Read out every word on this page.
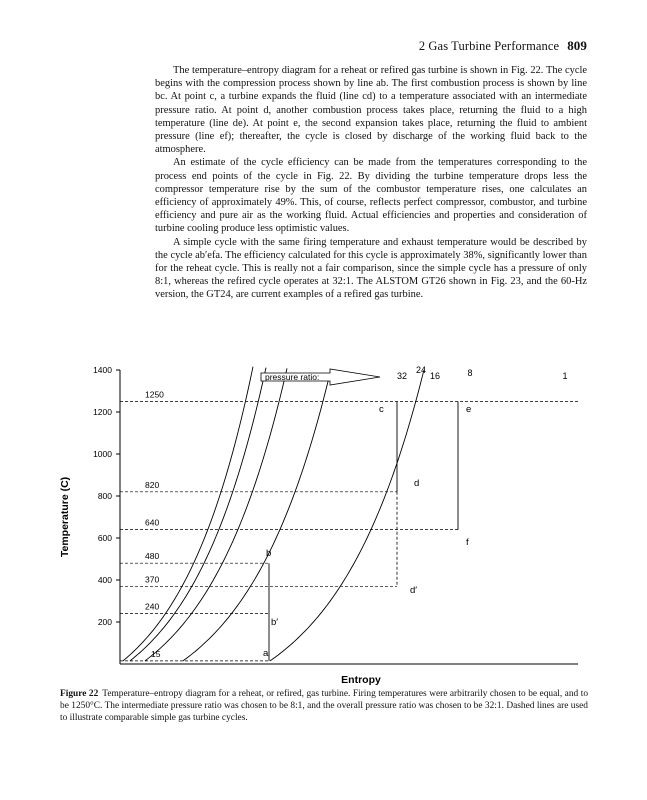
2 Gas Turbine Performance 809

The temperature–entropy diagram for a reheat or refired gas turbine is shown in Fig. 22. The cycle begins with the compression process shown by line ab. The first combustion process is shown by line bc. At point c, a turbine expands the fluid (line cd) to a temperature associated with an intermediate pressure ratio. At point d, another combustion process takes place, returning the fluid to a high temperature (line de). At point e, the second expansion takes place, returning the fluid to ambient pressure (line ef); thereafter, the cycle is closed by discharge of the working fluid back to the atmosphere.

An estimate of the cycle efficiency can be made from the temperatures corresponding to the process end points of the cycle in Fig. 22. By dividing the turbine temperature drops less the compressor temperature rise by the sum of the combustor temperature rises, one calculates an efficiency of approximately 49%. This, of course, reflects perfect compressor, combustor, and turbine efficiency and pure air as the working fluid. Actual efficiencies and properties and consideration of turbine cooling produce less optimistic values.

A simple cycle with the same firing temperature and exhaust temperature would be described by the cycle ab′efa. The efficiency calculated for this cycle is approximately 38%, significantly lower than for the reheat cycle. This is really not a fair comparison, since the simple cycle has a pressure of only 8:1, whereas the refired cycle operates at 32:1. The ALSTOM GT26 shown in Fig. 23, and the 60-Hz version, the GT24, are current examples of a refired gas turbine.

200
400
600
800
1000
1200
1400
Temperature (C)
Entropy
1250
820
640
480
370
240
15
32
24
16	8	1
pressure ratio:
a
b
b′
c
d
d′
e
f
Figure 22 Temperature–entropy diagram for a reheat, or refired, gas turbine. Firing temperatures were arbitrarily chosen to be equal, and to be 1250°C. The intermediate pressure ratio was chosen to be 8:1, and the overall pressure ratio was chosen to be 32:1. Dashed lines are used to illustrate comparable simple gas turbine cycles.
